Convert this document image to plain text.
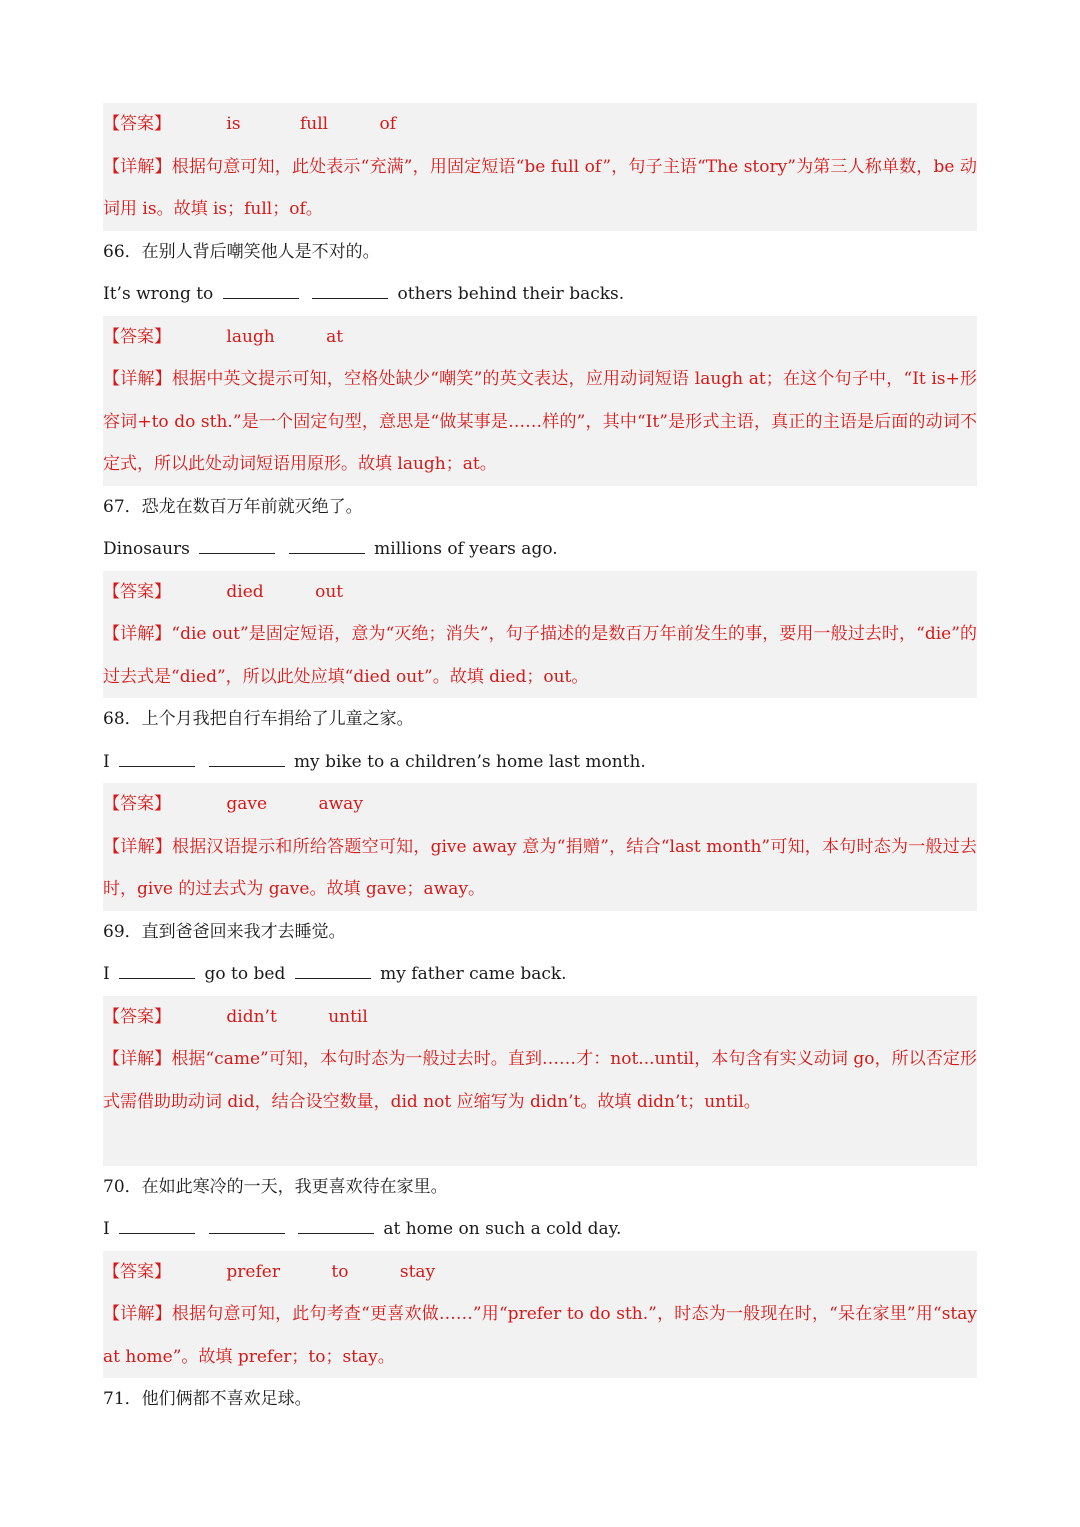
【答案】	is	full	of
【详解】根据句意可知，此处表示“充满”，用固定短语“be full of”，句子主语“The story”为第三人称单数，be 动词用 is。故填 is；full；of。
66．在别人背后嘲笑他人是不对的。
It’s wrong to	others behind their backs.
【答案】	laugh	at
【详解】根据中英文提示可知，空格处缺少“嘲笑”的英文表达，应用动词短语 laugh at；在这个句子中，“It is+形容词+to do sth.”是一个固定句型，意思是“做某事是……样的”，其中“It”是形式主语，真正的主语是后面的动词不定式，所以此处动词短语用原形。故填 laugh；at。
67．恐龙在数百万年前就灭绝了。
Dinosaurs	millions of years ago.
【答案】	died	out
【详解】“die out”是固定短语，意为“灭绝；消失”，句子描述的是数百万年前发生的事，要用一般过去时，“die”的过去式是“died”，所以此处应填“died out”。故填 died；out。
68．上个月我把自行车捐给了儿童之家。
I	my bike to a children’s home last month.
【答案】	gave	away
【详解】根据汉语提示和所给答题空可知，give away 意为“捐赠”，结合“last month”可知，本句时态为一般过去时，give 的过去式为 gave。故填 gave；away。
69．直到爸爸回来我才去睡觉。
I	go to bed	my father came back.
【答案】	didn’t	until
【详解】根据“came”可知，本句时态为一般过去时。直到……才：not...until，本句含有实义动词 go，所以否定形式需借助助动词 did，结合设空数量，did not 应缩写为 didn’t。故填 didn’t；until。
70．在如此寒冷的一天，我更喜欢待在家里。
I	at home on such a cold day.
【答案】	prefer	to	stay
【详解】根据句意可知，此句考查“更喜欢做……”用“prefer to do sth.”，时态为一般现在时，“呆在家里”用“stay at home”。故填 prefer；to；stay。
71．他们俩都不喜欢足球。
